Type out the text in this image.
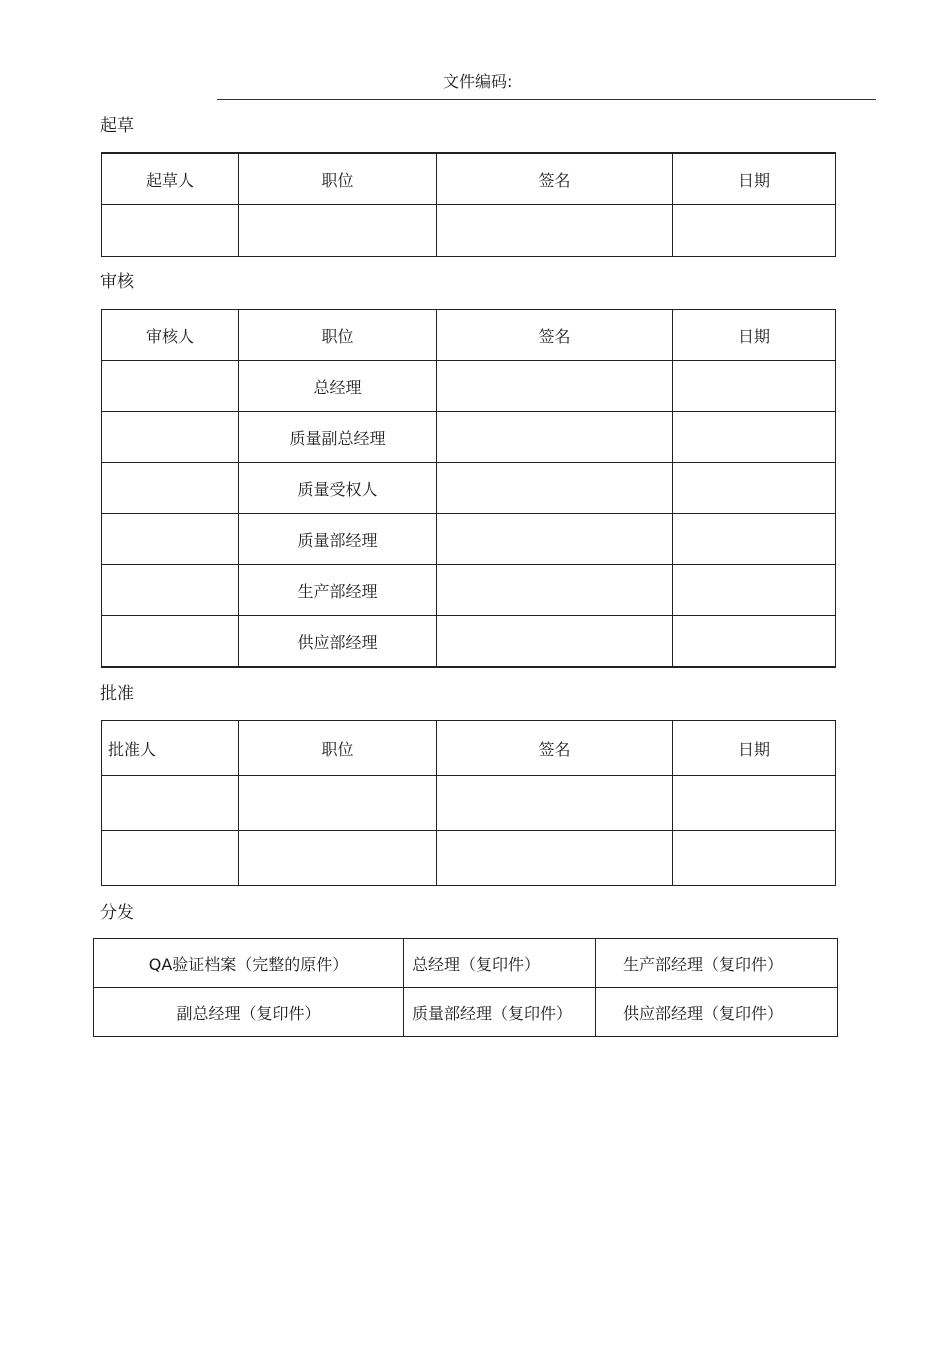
文件编码:
起草
起草人	职位	签名	日期

审核
审核人	职位	签名	日期
	总经理		
	质量副总经理		
	质量受权人		
	质量部经理		
	生产部经理		
	供应部经理		
批准
批准人	职位	签名	日期

分发
QA验证档案（完整的原件）	总经理（复印件）	生产部经理（复印件）
副总经理（复印件）	质量部经理（复印件）	供应部经理（复印件）
